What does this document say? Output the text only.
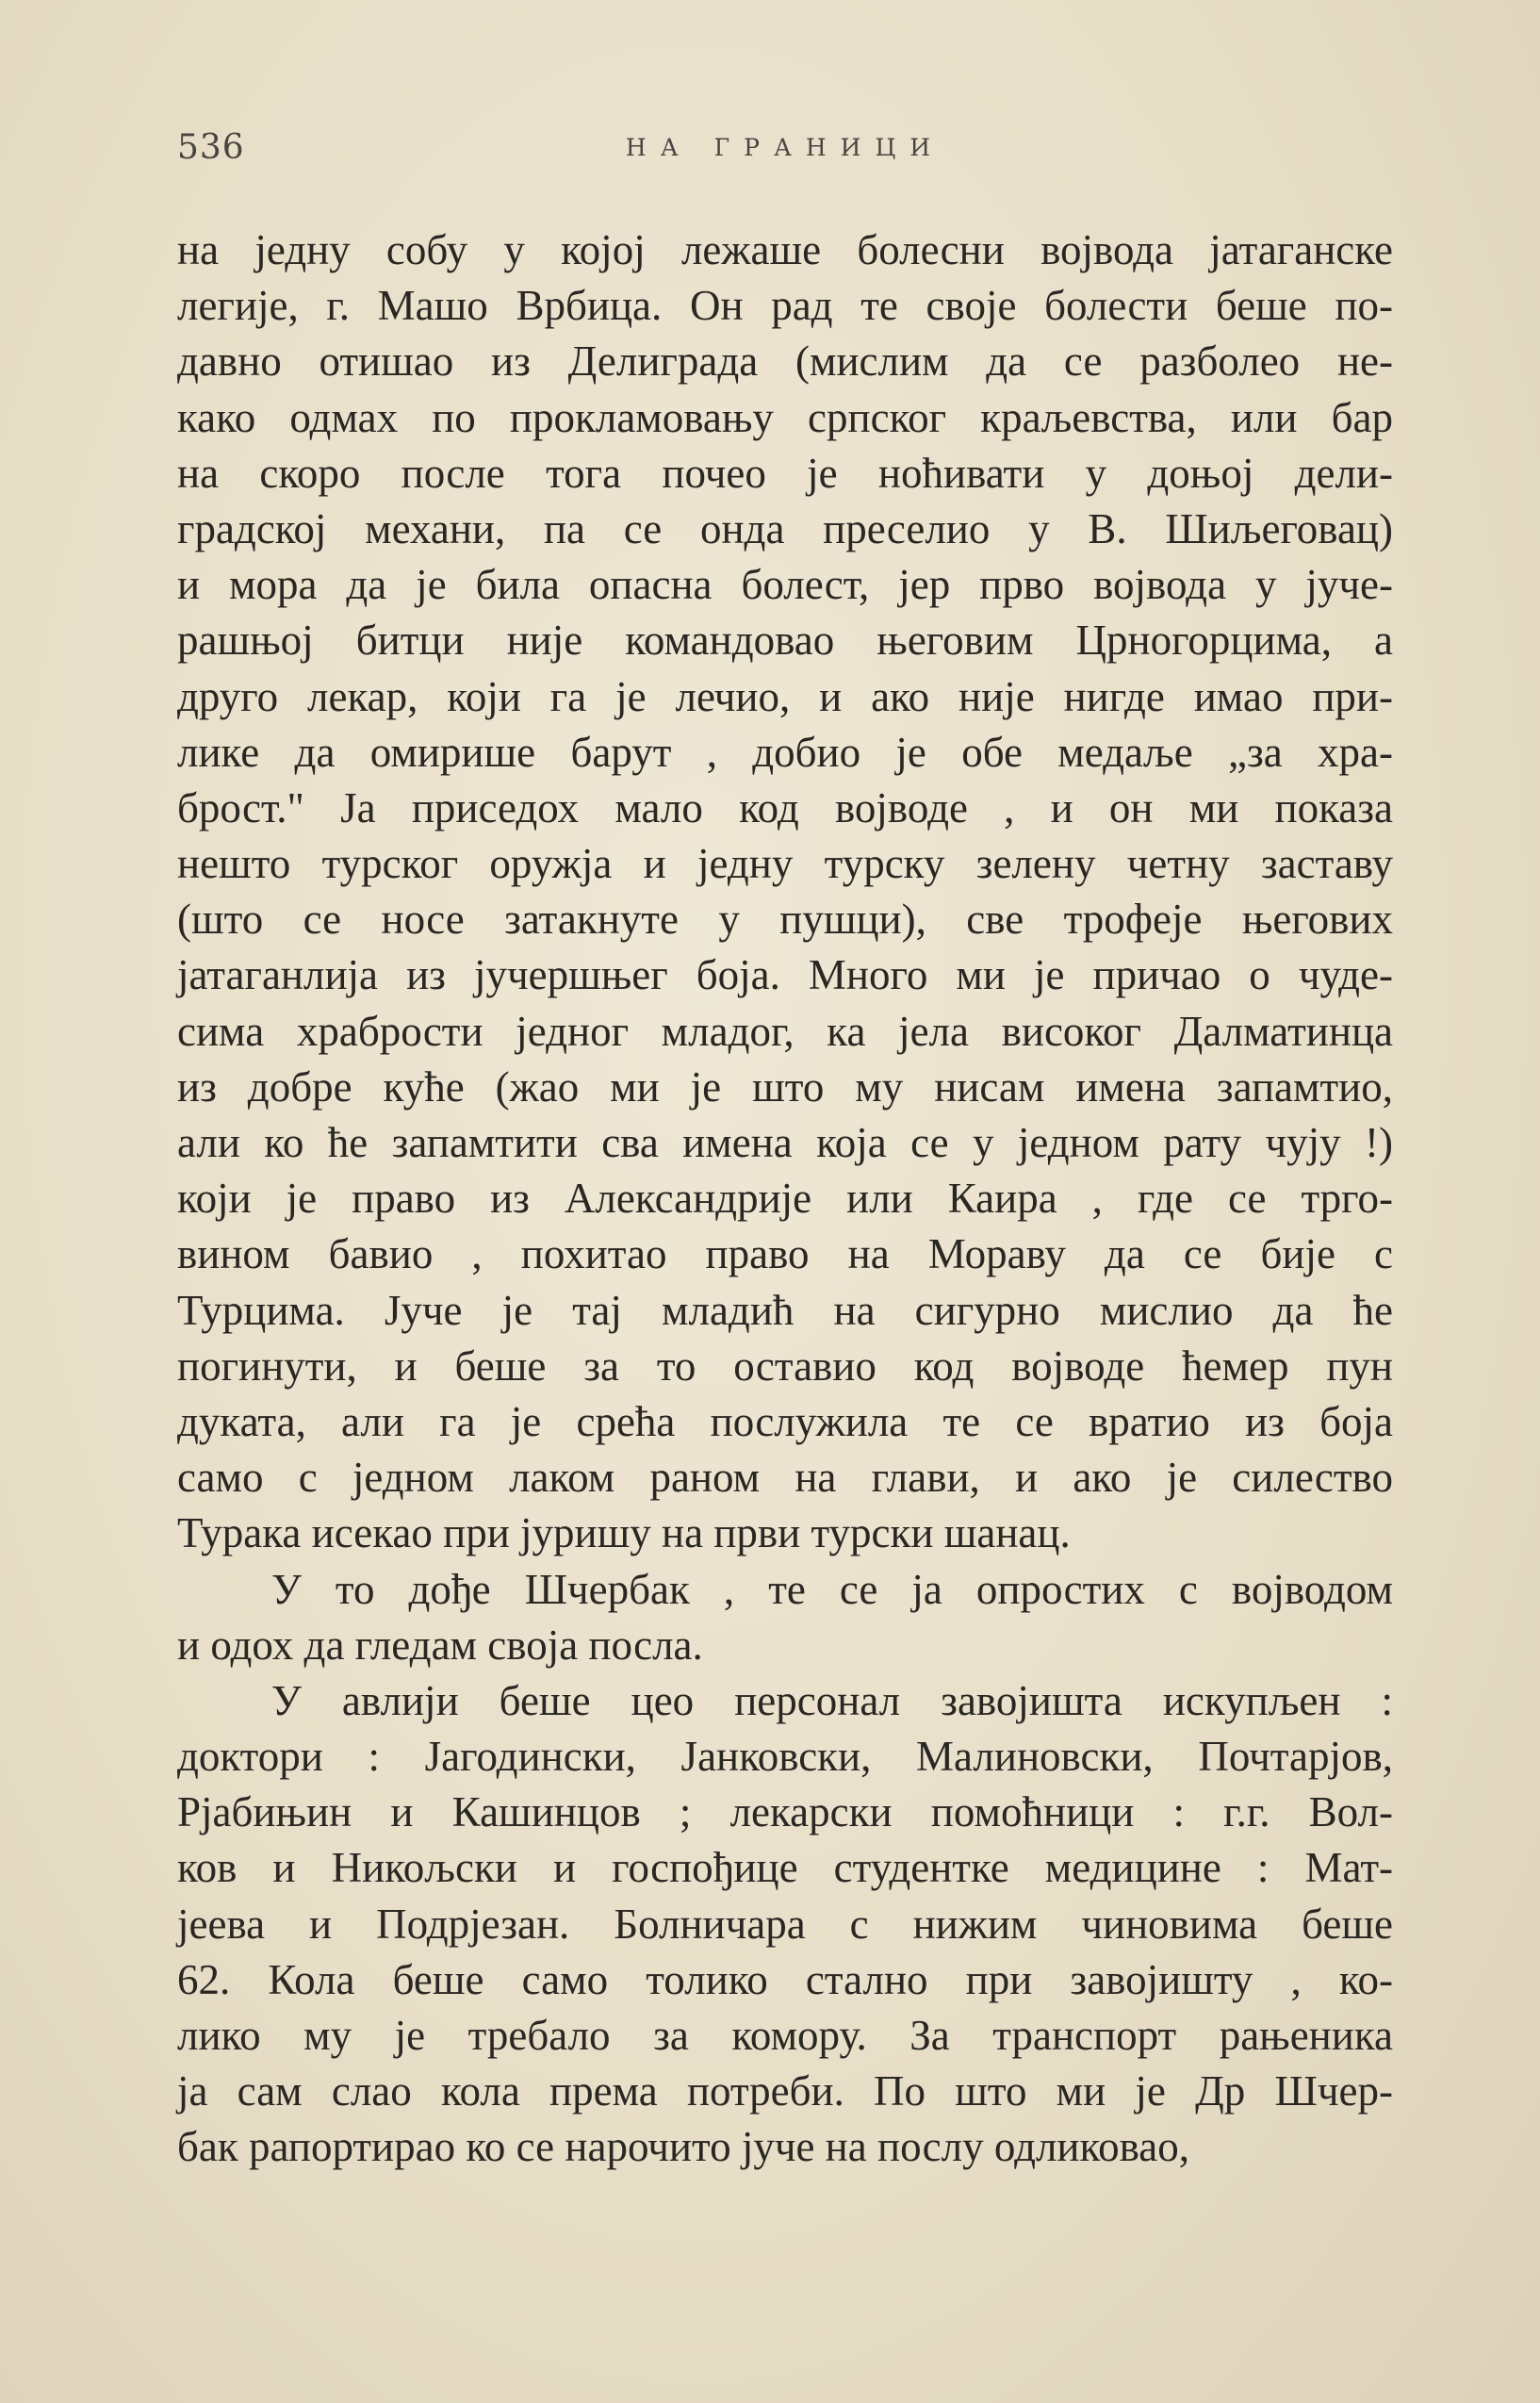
536	НА ГРАНИЦИ
на једну собу у којој лежаше болесни војвода јатаганске
легије, г. Машо Врбица. Он рад те своје болести беше по-
давно отишао из Делиграда (мислим да се разболео не-
како одмах по прокламовању српског краљевства, или бар
на скоро после тога почео је ноћивати у доњој дели-
градској механи, па се онда преселио у В. Шиљеговац)
и мора да је била опасна болест, јер прво војвода у јуче-
рашњој битци није командовао његовим Црногорцима, а
друго лекар, који га је лечио, и ако није нигде имао при-
лике да омирише барут , добио је обе медаље „за хра-
брост." Ја приседох мало код војводе , и он ми показа
нешто турског оружја и једну турску зелену четну заставу
(што се носе затакнуте у пушци), све трофеје његових
јатаганлија из јучершњег боја. Много ми је причао о чуде-
сима храбрости једног младог, ка јела високог Далматинца
из добре куће (жао ми је што му нисам имена запамтио,
али ко ће запамтити сва имена која се у једном рату чују !)
који је право из Александрије или Каира , где се трго-
вином бавио , похитао право на Мораву да се бије с
Турцима. Јуче је тај младић на сигурно мислио да ће
погинути, и беше за то оставио код војводе ћемер пун
дуката, али га је срећа послужила те се вратио из боја
само с једном лаком раном на глави, и ако је силество
Турака исекао при јуришу на први турски шанац.
У то дође Шчербак , те се ја опростих с војводом
и одох да гледам своја посла.
У авлији беше цео персонал завојишта искупљен :
доктори : Јагодински, Јанковски, Малиновски, Почтарјов,
Рјабињин и Кашинцов ; лекарски помоћници : г.г. Вол-
ков и Никољски и госпођице студентке медицине : Мат-
јеева и Подрјезан. Болничара с нижим чиновима беше
62. Кола беше само толико стално при завојишту , ко-
лико му је требало за комору. За транспорт рањеника
ја сам слао кола према потреби. По што ми је Др Шчер-
бак рапортирао ко се нарочито јуче на послу одликовао,
